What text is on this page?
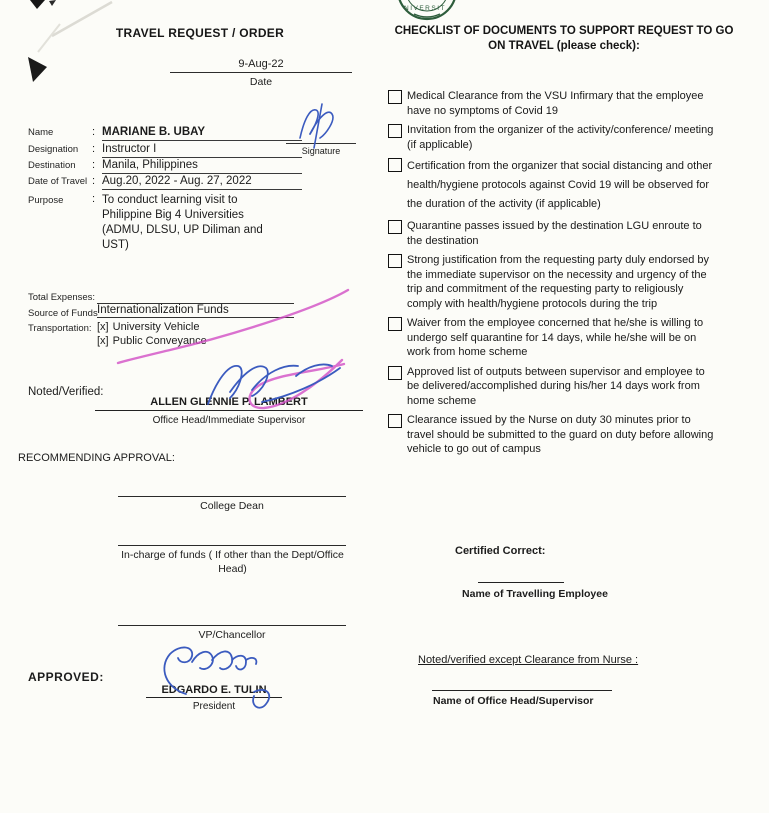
TRAVEL REQUEST / ORDER
9-Aug-22
Date
Name	: MARIANE B. UBAY
Designation	: Instructor I
Destination	: Manila, Philippines
Date of Travel : Aug.20, 2022 - Aug. 27, 2022
Purpose	: To conduct learning visit to Philippine Big 4 Universities (ADMU, DLSU, UP Diliman and UST)
Signature
Total Expenses:
Source of Funds Internationalization Funds
Transportation: [x] University Vehicle
[x] Public Conveyance
Noted/Verified:
ALLEN GLENNIE P. LAMBERT
Office Head/Immediate Supervisor
RECOMMENDING APPROVAL:
College Dean
In-charge of funds ( If other than the Dept/Office Head)
VP/Chancellor
APPROVED:
EDGARDO E. TULIN
President
CHECKLIST OF DOCUMENTS TO SUPPORT REQUEST TO GO ON TRAVEL (please check):
Medical Clearance from the VSU Infirmary that the employee have no symptoms of Covid 19
Invitation from the organizer of the activity/conference/ meeting (if applicable)
Certification from the organizer that social distancing and other health/hygiene protocols against Covid 19 will be observed for the duration of the activity (if applicable)
Quarantine passes issued by the destination LGU enroute to the destination
Strong justification from the requesting party duly endorsed by the immediate supervisor on the necessity and urgency of the trip and commitment of the requesting party to religiously comply with health/hygiene protocols during the trip
Waiver from the employee concerned that he/she is willing to undergo self quarantine for 14 days, while he/she will be on work from home scheme
Approved list of outputs between supervisor and employee to be delivered/accomplished during his/her 14 days work from home scheme
Clearance issued by the Nurse on duty 30 minutes prior to travel should be submitted to the guard on duty before allowing vehicle to go out of campus
Certified Correct:
Name of Travelling Employee
Noted/verified except Clearance from Nurse :
Name of Office Head/Supervisor
NIVERSIT
